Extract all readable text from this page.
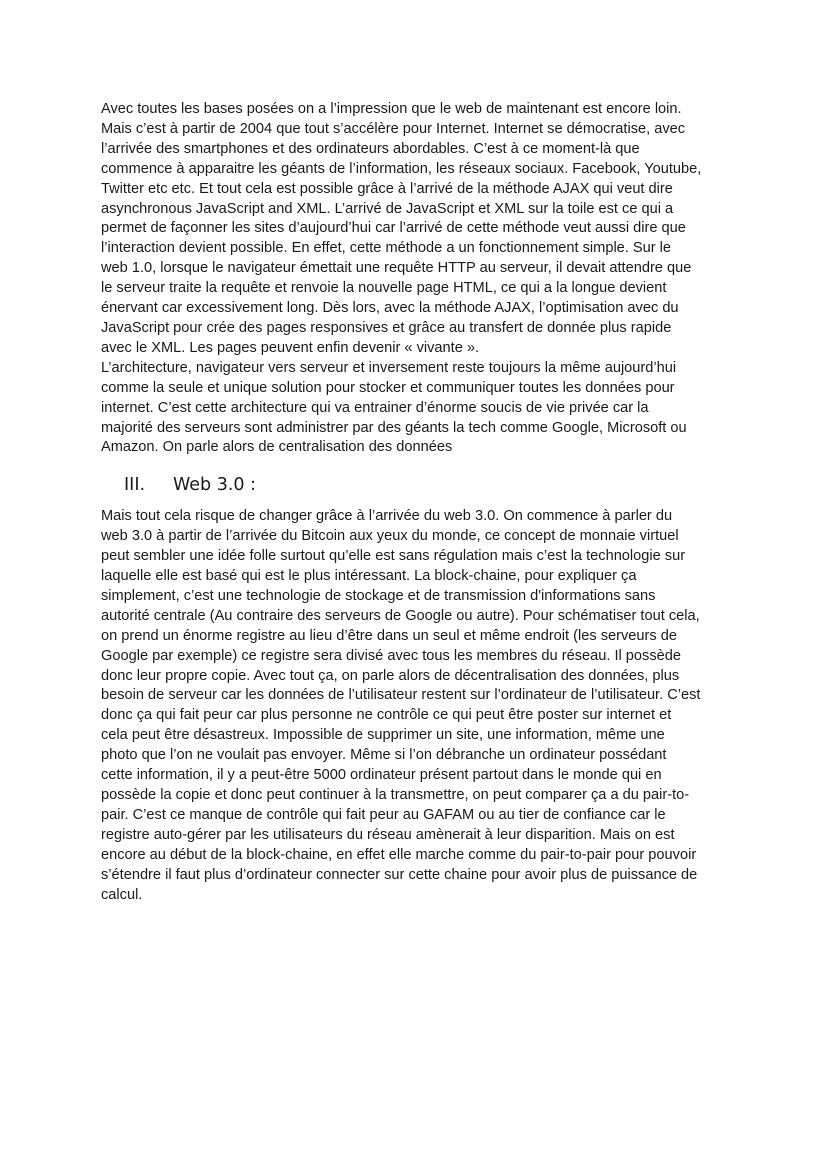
Avec toutes les bases posées on a l’impression que le web de maintenant est encore loin.
Mais c’est à partir de 2004 que tout s’accélère pour Internet. Internet se démocratise, avec
l’arrivée des smartphones et des ordinateurs abordables. C’est à ce moment-là que
commence à apparaitre les géants de l’information, les réseaux sociaux. Facebook, Youtube,
Twitter etc etc. Et tout cela est possible grâce à l’arrivé de la méthode AJAX qui veut dire
asynchronous JavaScript and XML. L’arrivé de JavaScript et XML sur la toile est ce qui a
permet de façonner les sites d’aujourd’hui car l’arrivé de cette méthode veut aussi dire que
l’interaction devient possible. En effet, cette méthode a un fonctionnement simple. Sur le
web 1.0, lorsque le navigateur émettait une requête HTTP au serveur, il devait attendre que
le serveur traite la requête et renvoie la nouvelle page HTML, ce qui a la longue devient
énervant car excessivement long. Dès lors, avec la méthode AJAX, l’optimisation avec du
JavaScript pour crée des pages responsives et grâce au transfert de donnée plus rapide
avec le XML. Les pages peuvent enfin devenir « vivante ».
L’architecture, navigateur vers serveur et inversement reste toujours la même aujourd’hui
comme la seule et unique solution pour stocker et communiquer toutes les données pour
internet. C’est cette architecture qui va entrainer d’énorme soucis de vie privée car la
majorité des serveurs sont administrer par des géants la tech comme Google, Microsoft ou
Amazon. On parle alors de centralisation des données
III.	Web 3.0 :
Mais tout cela risque de changer grâce à l’arrivée du web 3.0. On commence à parler du
web 3.0 à partir de l’arrivée du Bitcoin aux yeux du monde, ce concept de monnaie virtuel
peut sembler une idée folle surtout qu’elle est sans régulation mais c’est la technologie sur
laquelle elle est basé qui est le plus intéressant. La block-chaine, pour expliquer ça
simplement, c’est une technologie de stockage et de transmission d'informations sans
autorité centrale (Au contraire des serveurs de Google ou autre). Pour schématiser tout cela,
on prend un énorme registre au lieu d’être dans un seul et même endroit (les serveurs de
Google par exemple) ce registre sera divisé avec tous les membres du réseau. Il possède
donc leur propre copie. Avec tout ça, on parle alors de décentralisation des données, plus
besoin de serveur car les données de l’utilisateur restent sur l’ordinateur de l’utilisateur. C’est
donc ça qui fait peur car plus personne ne contrôle ce qui peut être poster sur internet et
cela peut être désastreux. Impossible de supprimer un site, une information, même une
photo que l’on ne voulait pas envoyer. Même si l’on débranche un ordinateur possédant
cette information, il y a peut-être 5000 ordinateur présent partout dans le monde qui en
possède la copie et donc peut continuer à la transmettre, on peut comparer ça a du pair-to-
pair. C’est ce manque de contrôle qui fait peur au GAFAM ou au tier de confiance car le
registre auto-gérer par les utilisateurs du réseau amènerait à leur disparition. Mais on est
encore au début de la block-chaine, en effet elle marche comme du pair-to-pair pour pouvoir
s’étendre il faut plus d’ordinateur connecter sur cette chaine pour avoir plus de puissance de
calcul.
